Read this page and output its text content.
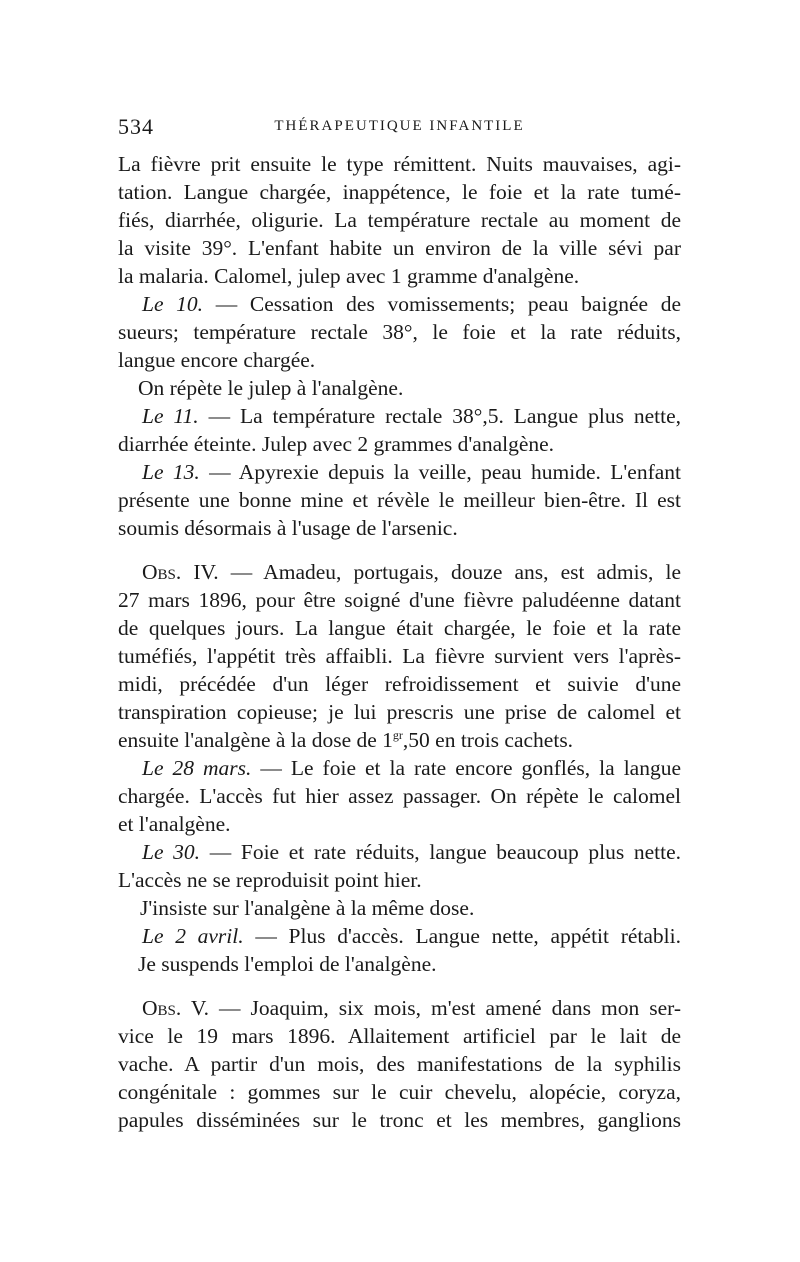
534	THÉRAPEUTIQUE INFANTILE
La fièvre prit ensuite le type rémittent. Nuits mauvaises, agi-
tation. Langue chargée, inappétence, le foie et la rate tumé-
fiés, diarrhée, oligurie. La température rectale au moment de
la visite 39°. L'enfant habite un environ de la ville sévi par
la malaria. Calomel, julep avec 1 gramme d'analgène.
Le 10. — Cessation des vomissements; peau baignée de
sueurs; température rectale 38°, le foie et la rate réduits,
langue encore chargée.
On répète le julep à l'analgène.
Le 11. — La température rectale 38°,5. Langue plus nette,
diarrhée éteinte. Julep avec 2 grammes d'analgène.
Le 13. — Apyrexie depuis la veille, peau humide. L'enfant
présente une bonne mine et révèle le meilleur bien-être. Il est
soumis désormais à l'usage de l'arsenic.
Obs. IV. — Amadeu, portugais, douze ans, est admis, le
27 mars 1896, pour être soigné d'une fièvre paludéenne datant
de quelques jours. La langue était chargée, le foie et la rate
tuméfiés, l'appétit très affaibli. La fièvre survient vers l'après-
midi, précédée d'un léger refroidissement et suivie d'une
transpiration copieuse; je lui prescris une prise de calomel et
ensuite l'analgène à la dose de $1^{gr},50$ en trois cachets.
Le 28 mars. — Le foie et la rate encore gonflés, la langue
chargée. L'accès fut hier assez passager. On répète le calomel
et l'analgène.
Le 30. — Foie et rate réduits, langue beaucoup plus nette.
L'accès ne se reproduisit point hier.
J'insiste sur l'analgène à la même dose.
Le 2 avril. — Plus d'accès. Langue nette, appétit rétabli.
Je suspends l'emploi de l'analgène.
Obs. V. — Joaquim, six mois, m'est amené dans mon ser-
vice le 19 mars 1896. Allaitement artificiel par le lait de
vache. A partir d'un mois, des manifestations de la syphilis
congénitale : gommes sur le cuir chevelu, alopécie, coryza,
papules disséminées sur le tronc et les membres, ganglions
